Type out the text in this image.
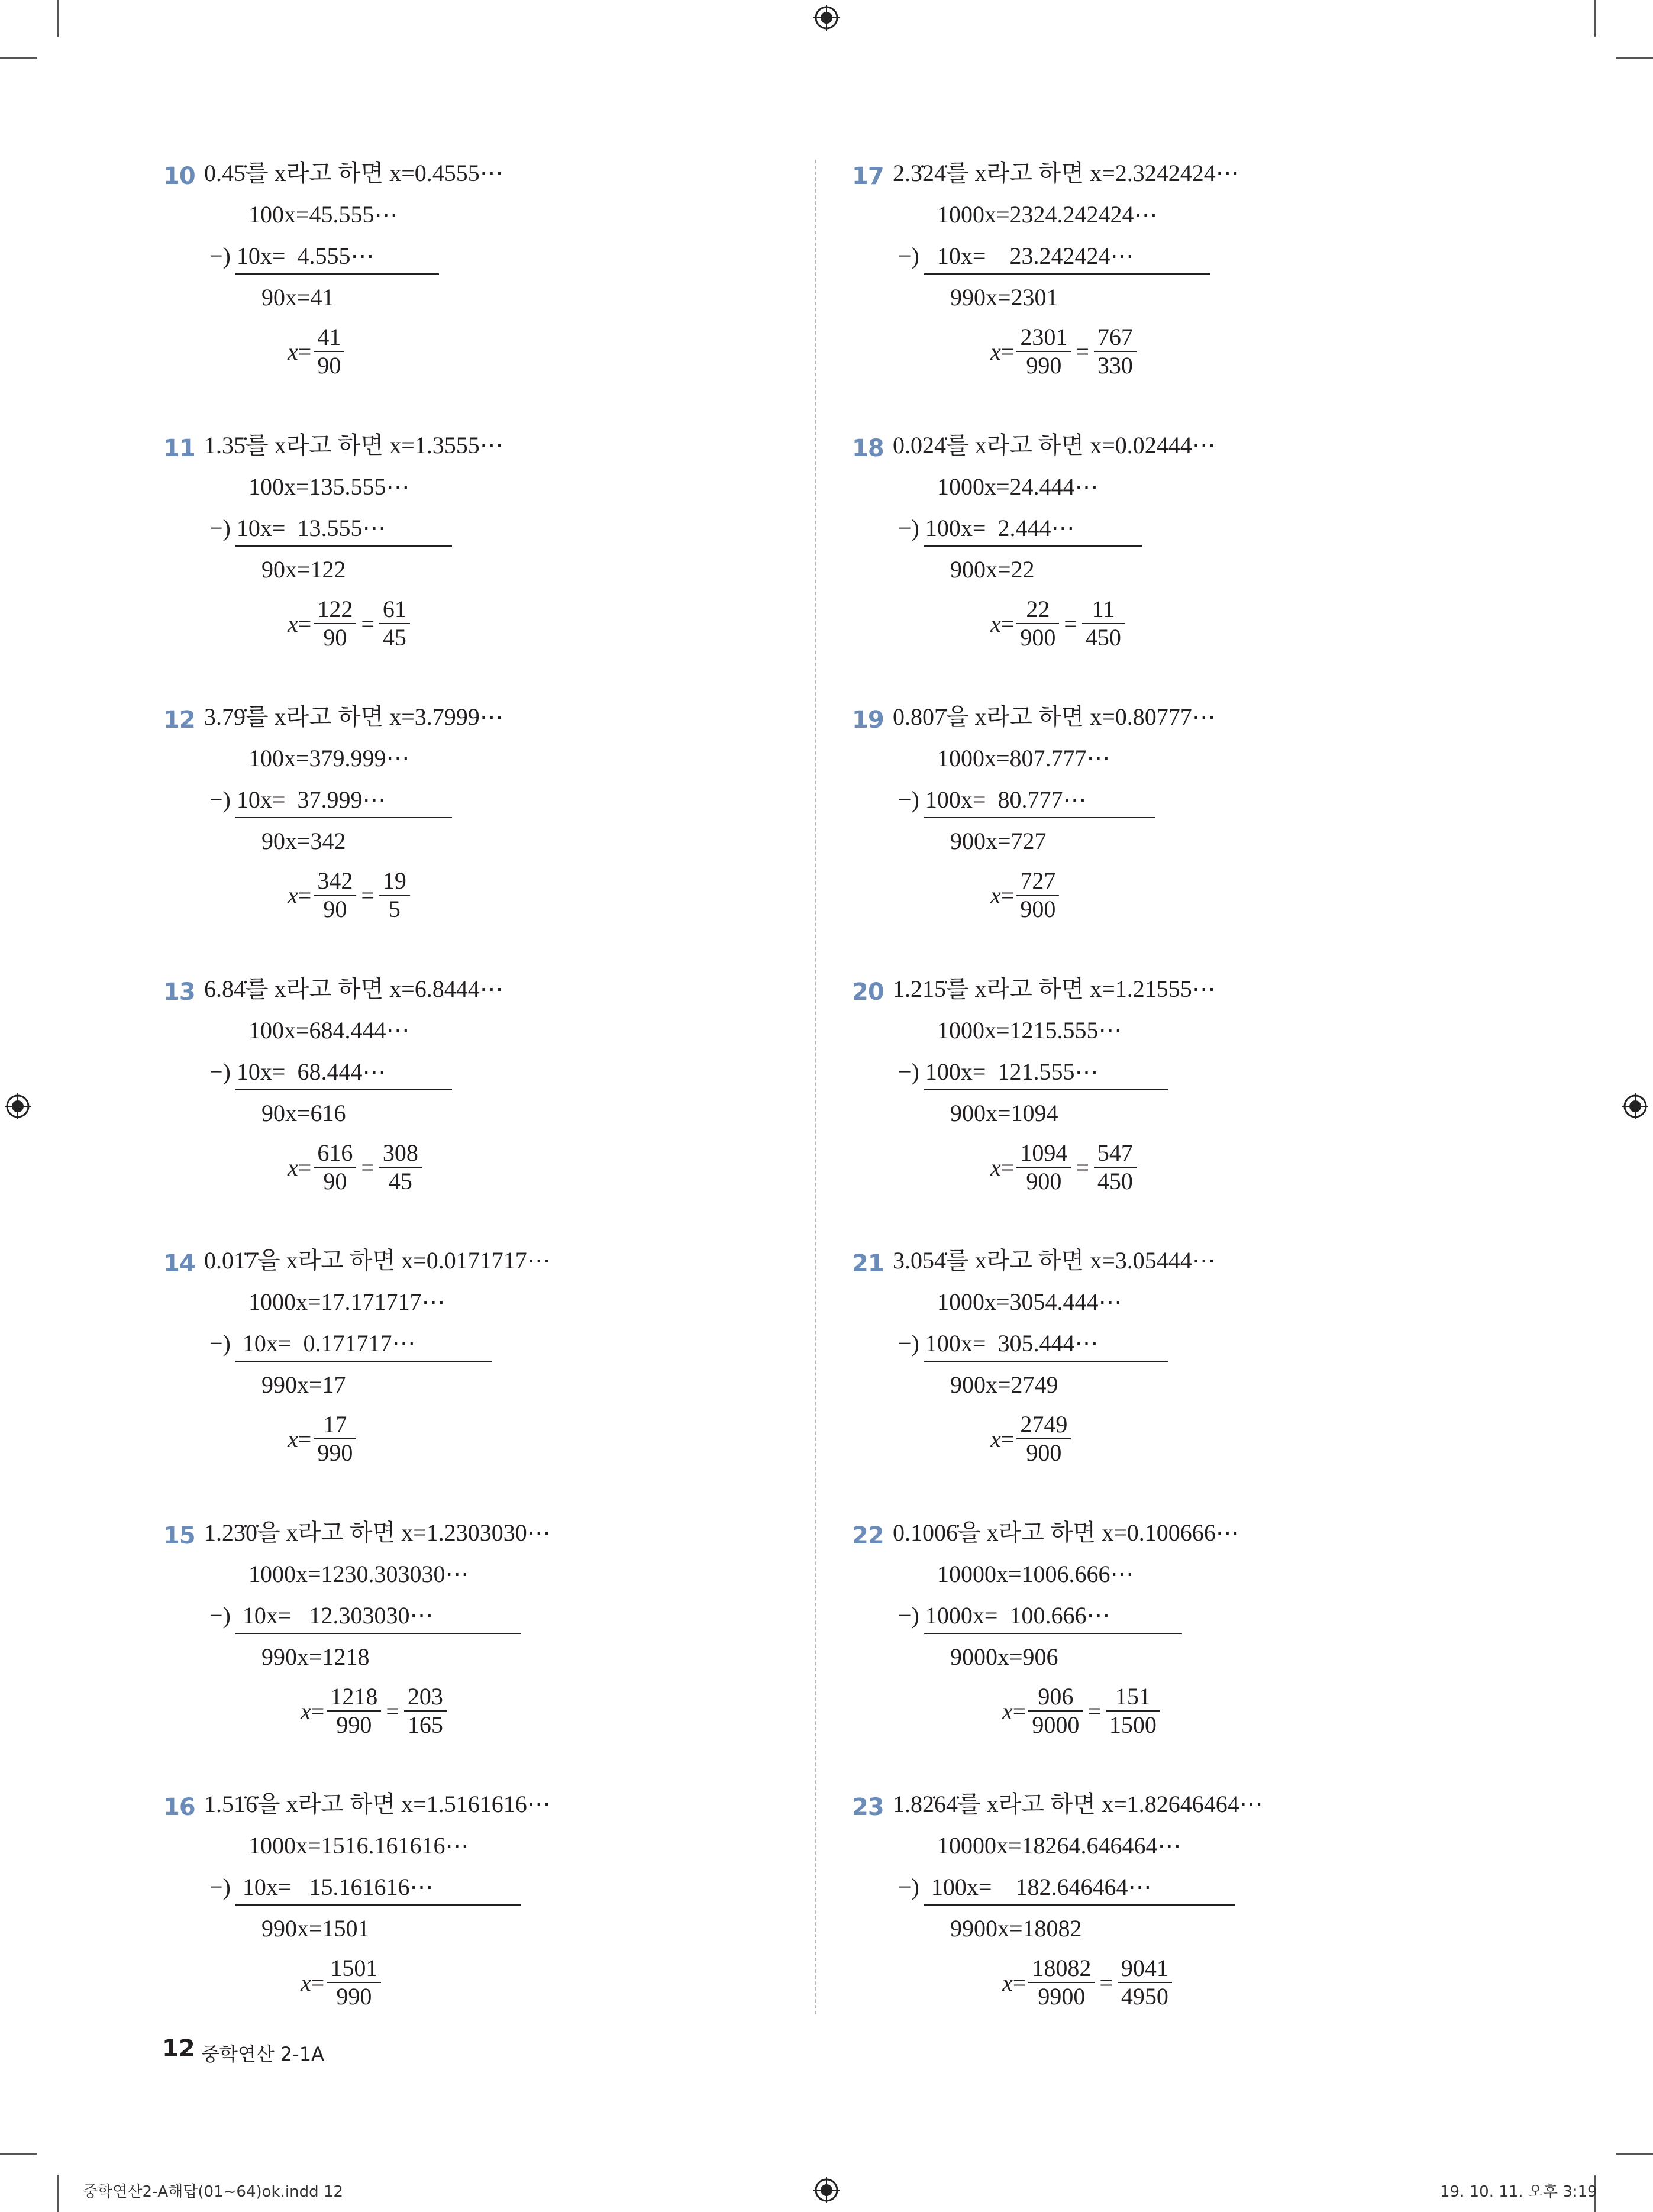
10 0.45̇를 x라고 하면 x=0.4555⋯
100x=45.555⋯
−) 10x=  4.555⋯
90x=41
$x= \frac{41}{90}$
11 1.35̇를 x라고 하면 x=1.3555⋯
100x=135.555⋯
−) 10x=  13.555⋯
90x=122
$x= \frac{122}{90} = \frac{61}{45}$
12 3.79̇를 x라고 하면 x=3.7999⋯
100x=379.999⋯
−) 10x=  37.999⋯
90x=342
$x= \frac{342}{90} = \frac{19}{5}$
13 6.84̇를 x라고 하면 x=6.8444⋯
100x=684.444⋯
−) 10x=  68.444⋯
90x=616
$x= \frac{616}{90} = \frac{308}{45}$
14 0.01̇7̇을 x라고 하면 x=0.0171717⋯
1000x=17.171717⋯
−)  10x=  0.171717⋯
990x=17
$x= \frac{17}{990}$
15 1.23̇0̇을 x라고 하면 x=1.2303030⋯
1000x=1230.303030⋯
−)  10x=   12.303030⋯
990x=1218
$x= \frac{1218}{990} = \frac{203}{165}$
16 1.51̇6̇을 x라고 하면 x=1.5161616⋯
1000x=1516.161616⋯
−)  10x=   15.161616⋯
990x=1501
$x= \frac{1501}{990}$
17 2.3̇24̇를 x라고 하면 x=2.3242424⋯
1000x=2324.242424⋯
−)   10x=    23.242424⋯
990x=2301
$x= \frac{2301}{990} = \frac{767}{330}$
18 0.024̇를 x라고 하면 x=0.02444⋯
1000x=24.444⋯
−) 100x=  2.444⋯
900x=22
$x= \frac{22}{900} = \frac{11}{450}$
19 0.807̇을 x라고 하면 x=0.80777⋯
1000x=807.777⋯
−) 100x=  80.777⋯
900x=727
$x= \frac{727}{900}$
20 1.215̇를 x라고 하면 x=1.21555⋯
1000x=1215.555⋯
−) 100x=  121.555⋯
900x=1094
$x= \frac{1094}{900} = \frac{547}{450}$
21 3.054̇를 x라고 하면 x=3.05444⋯
1000x=3054.444⋯
−) 100x=  305.444⋯
900x=2749
$x= \frac{2749}{900}$
22 0.1006̇을 x라고 하면 x=0.100666⋯
10000x=1006.666⋯
−) 1000x=  100.666⋯
9000x=906
$x= \frac{906}{9000} = \frac{151}{1500}$
23 1.82̇64̇를 x라고 하면 x=1.82646464⋯
10000x=18264.646464⋯
−)  100x=    182.646464⋯
9900x=18082
$x= \frac{18082}{9900} = \frac{9041}{4950}$
12 중학연산 2-1A
중학연산2-A해답(01~64)ok.indd 12	19. 10. 11. 오후 3:19
